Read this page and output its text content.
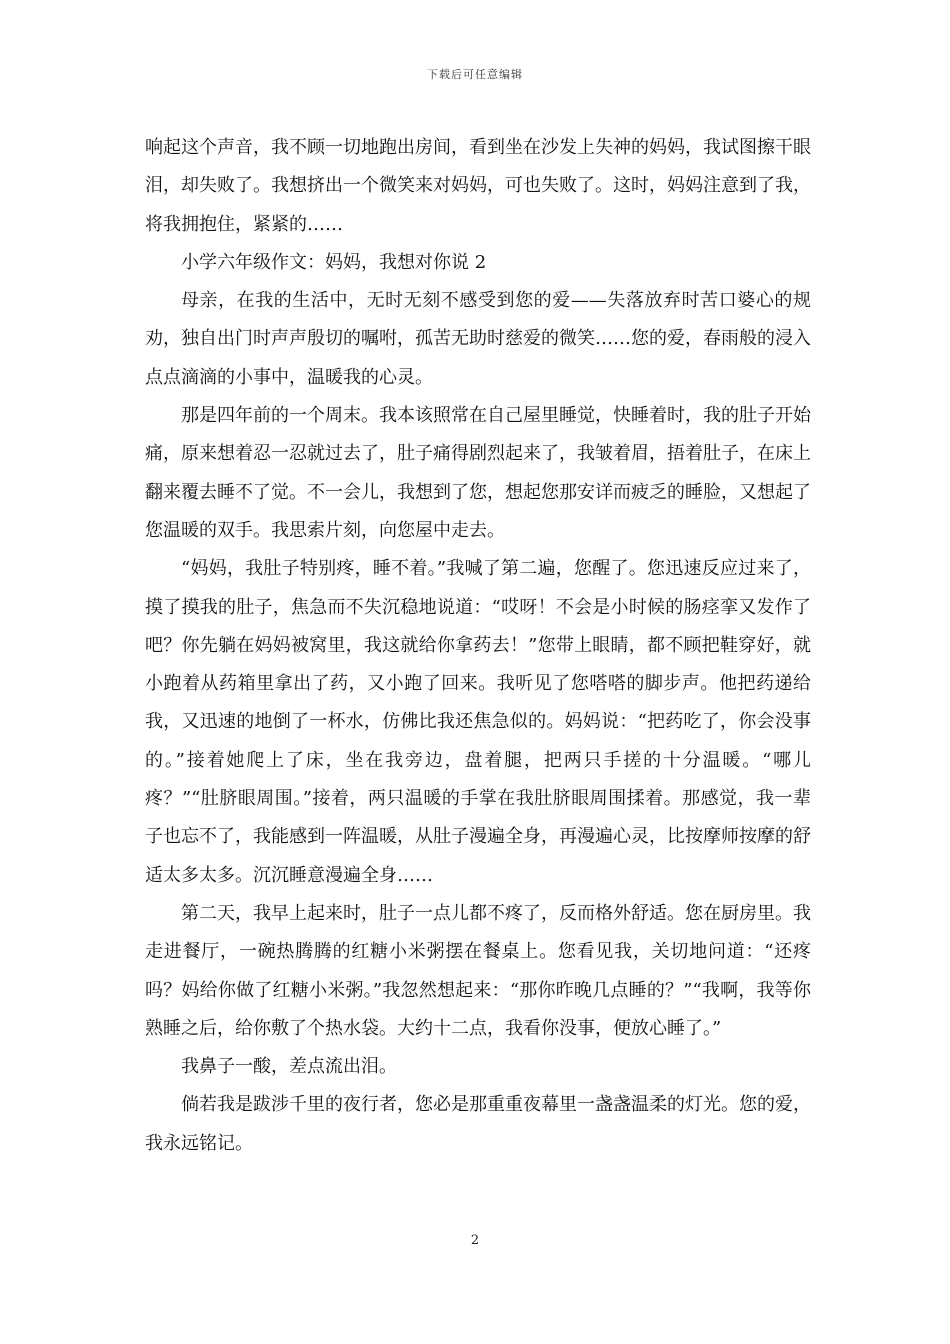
下载后可任意编辑

响起这个声音，我不顾一切地跑出房间，看到坐在沙发上失神的妈妈，我试图擦干眼泪，却失败了。我想挤出一个微笑来对妈妈，可也失败了。这时，妈妈注意到了我，将我拥抱住，紧紧的……

小学六年级作文：妈妈，我想对你说 2

母亲，在我的生活中，无时无刻不感受到您的爱——失落放弃时苦口婆心的规劝，独自出门时声声殷切的嘱咐，孤苦无助时慈爱的微笑……您的爱，春雨般的浸入点点滴滴的小事中，温暖我的心灵。

那是四年前的一个周末。我本该照常在自己屋里睡觉，快睡着时，我的肚子开始痛，原来想着忍一忍就过去了，肚子痛得剧烈起来了，我皱着眉，捂着肚子，在床上翻来覆去睡不了觉。不一会儿，我想到了您，想起您那安详而疲乏的睡脸，又想起了您温暖的双手。我思索片刻，向您屋中走去。

“妈妈，我肚子特别疼，睡不着。”我喊了第二遍，您醒了。您迅速反应过来了，摸了摸我的肚子，焦急而不失沉稳地说道：“哎呀！不会是小时候的肠痉挛又发作了吧？你先躺在妈妈被窝里，我这就给你拿药去！”您带上眼睛，都不顾把鞋穿好，就小跑着从药箱里拿出了药，又小跑了回来。我听见了您嗒嗒的脚步声。他把药递给我，又迅速的地倒了一杯水，仿佛比我还焦急似的。妈妈说：“把药吃了，你会没事的。”接着她爬上了床，坐在我旁边，盘着腿，把两只手搓的十分温暖。“哪儿疼？”“肚脐眼周围。”接着，两只温暖的手掌在我肚脐眼周围揉着。那感觉，我一辈子也忘不了，我能感到一阵温暖，从肚子漫遍全身，再漫遍心灵，比按摩师按摩的舒适太多太多。沉沉睡意漫遍全身……

第二天，我早上起来时，肚子一点儿都不疼了，反而格外舒适。您在厨房里。我走进餐厅，一碗热腾腾的红糖小米粥摆在餐桌上。您看见我，关切地问道：“还疼吗？妈给你做了红糖小米粥。”我忽然想起来：“那你昨晚几点睡的？”“我啊，我等你熟睡之后，给你敷了个热水袋。大约十二点，我看你没事，便放心睡了。”

我鼻子一酸，差点流出泪。

倘若我是跋涉千里的夜行者，您必是那重重夜幕里一盏盏温柔的灯光。您的爱，我永远铭记。

2
